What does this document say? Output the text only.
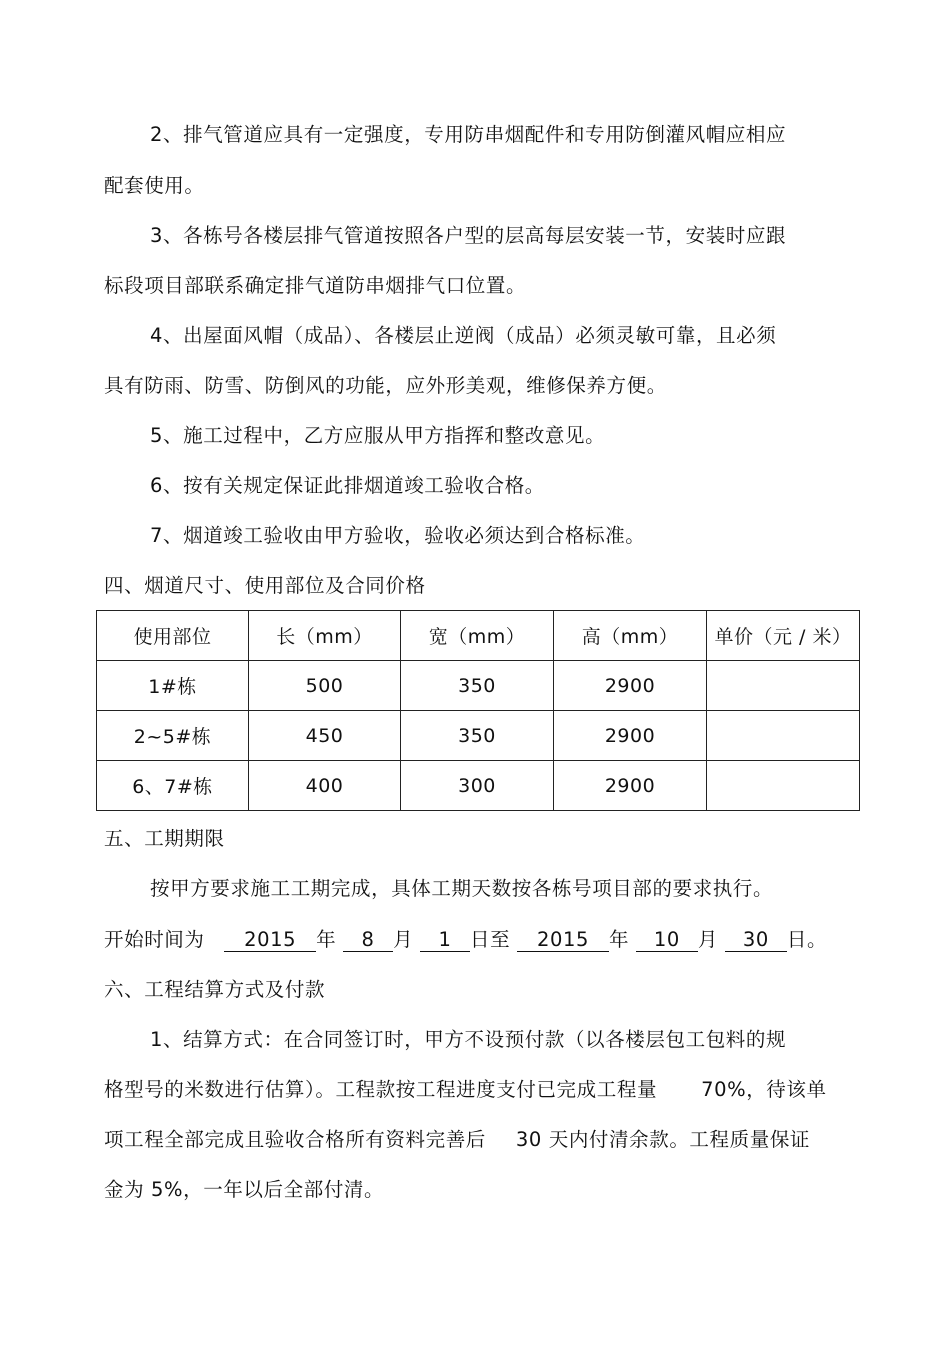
2、排气管道应具有一定强度，专用防串烟配件和专用防倒灌风帽应相应
配套使用。
3、各栋号各楼层排气管道按照各户型的层高每层安装一节，安装时应跟
标段项目部联系确定排气道防串烟排气口位置。
4、出屋面风帽（成品）、各楼层止逆阀（成品）必须灵敏可靠，且必须
具有防雨、防雪、防倒风的功能，应外形美观，维修保养方便。
5、施工过程中，乙方应服从甲方指挥和整改意见。
6、按有关规定保证此排烟道竣工验收合格。
7、烟道竣工验收由甲方验收，验收必须达到合格标准。
四、烟道尺寸、使用部位及合同价格
使用部位	长（mm）	宽（mm）	高（mm）	单价（元 / 米）
1#栋	500	350	2900	
2~5#栋	450	350	2900	
6、7#栋	400	300	2900	
五、工期期限
按甲方要求施工工期完成，具体工期天数按各栋号项目部的要求执行。
开始时间为 2015 年 8 月 1 日至 2015 年 10 月 30 日。
六、工程结算方式及付款
1、结算方式：在合同签订时，甲方不设预付款（以各楼层包工包料的规
格型号的米数进行估算）。工程款按工程进度支付已完成工程量 70%，待该单
项工程全部完成且验收合格所有资料完善后 30 天内付清余款。工程质量保证
金为 5%，一年以后全部付清。
